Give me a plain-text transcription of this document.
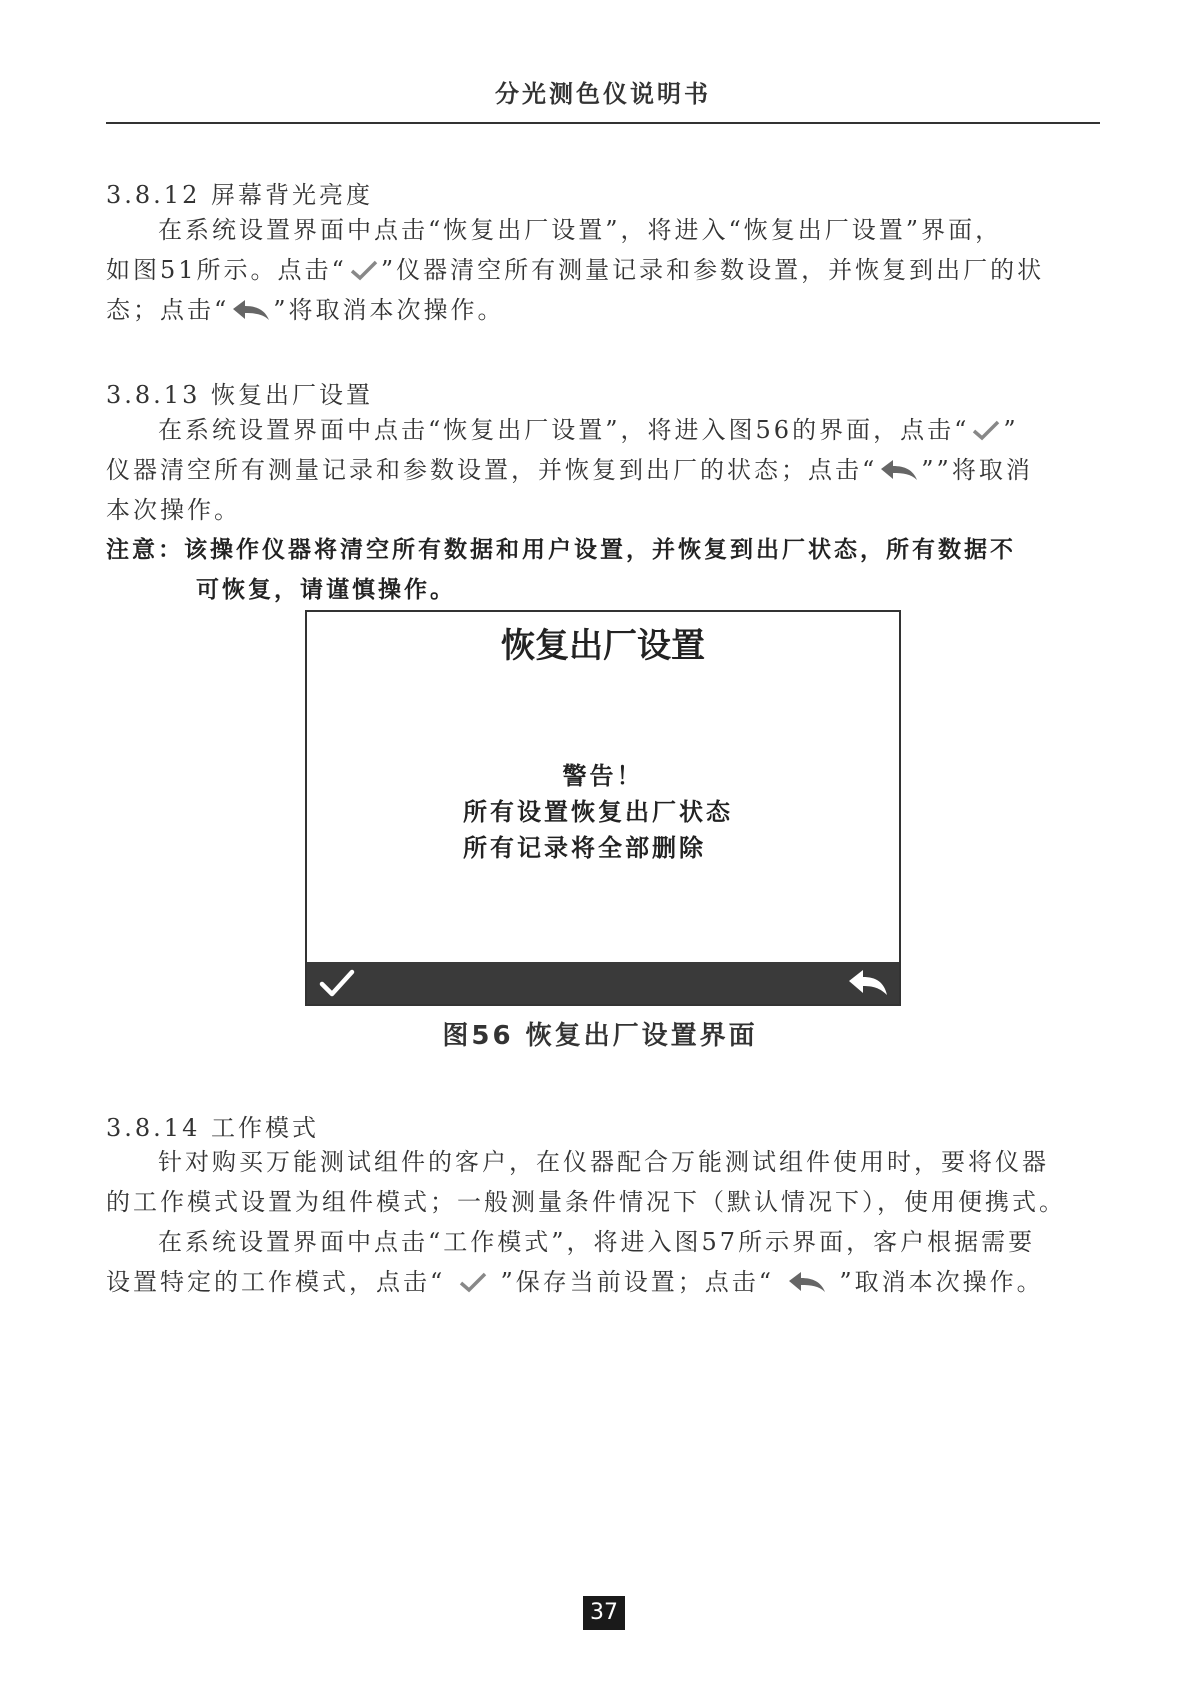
分光测色仪说明书
3.8.12 屏幕背光亮度

在系统设置界面中点击“恢复出厂设置”，将进入“恢复出厂设置”界面，

如图51所示。点击“ ”仪器清空所有测量记录和参数设置，并恢复到出厂的状

态；点击“ ”将取消本次操作。

3.8.13 恢复出厂设置

在系统设置界面中点击“恢复出厂设置”，将进入图56的界面，点击“ ”

仪器清空所有测量记录和参数设置，并恢复到出厂的状态；点击“ ””将取消

本次操作。

注意：该操作仪器将清空所有数据和用户设置，并恢复到出厂状态，所有数据不

可恢复，请谨慎操作。

恢复出厂设置
警告！
所有设置恢复出厂状态
所有记录将全部删除
图56 恢复出厂设置界面
3.8.14 工作模式

针对购买万能测试组件的客户，在仪器配合万能测试组件使用时，要将仪器

的工作模式设置为组件模式；一般测量条件情况下（默认情况下），使用便携式。

在系统设置界面中点击“工作模式”，将进入图57所示界面，客户根据需要

设置特定的工作模式，点击“  ”保存当前设置；点击“  ”取消本次操作。

37
